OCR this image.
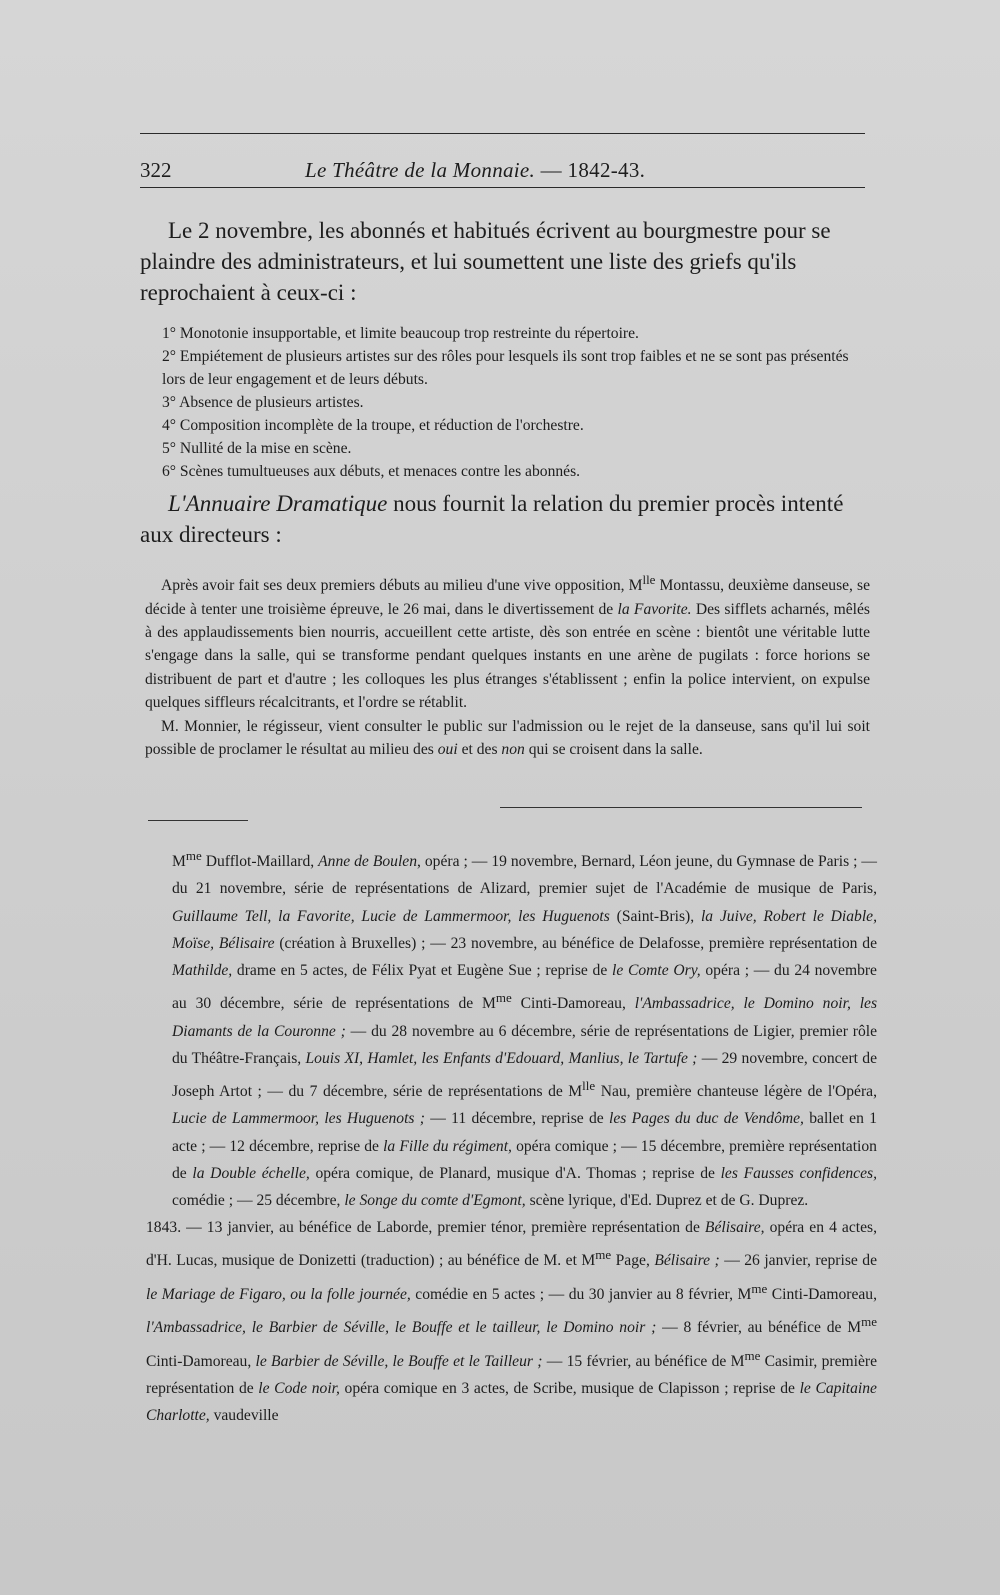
322	Le Théâtre de la Monnaie. — 1842-43.

Le 2 novembre, les abonnés et habitués écrivent au bourgmestre pour se plaindre des administrateurs, et lui soumettent une liste des griefs qu'ils reprochaient à ceux-ci :

1° Monotonie insupportable, et limite beaucoup trop restreinte du répertoire.
2° Empiétement de plusieurs artistes sur des rôles pour lesquels ils sont trop faibles et ne se sont pas présentés lors de leur engagement et de leurs débuts.
3° Absence de plusieurs artistes.
4° Composition incomplète de la troupe, et réduction de l'orchestre.
5° Nullité de la mise en scène.
6° Scènes tumultueuses aux débuts, et menaces contre les abonnés.

L'Annuaire Dramatique nous fournit la relation du premier procès intenté aux directeurs :

Après avoir fait ses deux premiers débuts au milieu d'une vive opposition, $M^{lle}$ Montassu, deuxième danseuse, se décide à tenter une troisième épreuve, le 26 mai, dans le divertissement de la Favorite. Des sifflets acharnés, mêlés à des applaudissements bien nourris, accueillent cette artiste, dès son entrée en scène : bientôt une véritable lutte s'engage dans la salle, qui se transforme pendant quelques instants en une arène de pugilats : force horions se distribuent de part et d'autre ; les colloques les plus étranges s'établissent ; enfin la police intervient, on expulse quelques siffleurs récalcitrants, et l'ordre se rétablit.

M. Monnier, le régisseur, vient consulter le public sur l'admission ou le rejet de la danseuse, sans qu'il lui soit possible de proclamer le résultat au milieu des oui et des non qui se croisent dans la salle.

$M^{me}$ Dufflot-Maillard, Anne de Boulen, opéra ; — 19 novembre, Bernard, Léon jeune, du Gymnase de Paris ; — du 21 novembre, série de représentations de Alizard, premier sujet de l'Académie de musique de Paris, Guillaume Tell, la Favorite, Lucie de Lammermoor, les Huguenots (Saint-Bris), la Juive, Robert le Diable, Moïse, Bélisaire (création à Bruxelles) ; — 23 novembre, au bénéfice de Delafosse, première représentation de Mathilde, drame en 5 actes, de Félix Pyat et Eugène Sue ; reprise de le Comte Ory, opéra ; — du 24 novembre au 30 décembre, série de représentations de $M^{me}$ Cinti-Damoreau, l'Ambassadrice, le Domino noir, les Diamants de la Couronne ; — du 28 novembre au 6 décembre, série de représentations de Ligier, premier rôle du Théâtre-Français, Louis XI, Hamlet, les Enfants d'Edouard, Manlius, le Tartufe ; — 29 novembre, concert de Joseph Artot ; — du 7 décembre, série de représentations de $M^{lle}$ Nau, première chanteuse légère de l'Opéra, Lucie de Lammermoor, les Huguenots ; — 11 décembre, reprise de les Pages du duc de Vendôme, ballet en 1 acte ; — 12 décembre, reprise de la Fille du régiment, opéra comique ; — 15 décembre, première représentation de la Double échelle, opéra comique, de Planard, musique d'A. Thomas ; reprise de les Fausses confidences, comédie ; — 25 décembre, le Songe du comte d'Egmont, scène lyrique, d'Ed. Duprez et de G. Duprez.

1843. — 13 janvier, au bénéfice de Laborde, premier ténor, première représentation de Bélisaire, opéra en 4 actes, d'H. Lucas, musique de Donizetti (traduction) ; au bénéfice de M. et $M^{me}$ Page, Bélisaire ; — 26 janvier, reprise de le Mariage de Figaro, ou la folle journée, comédie en 5 actes ; — du 30 janvier au 8 février, $M^{me}$ Cinti-Damoreau, l'Ambassadrice, le Barbier de Séville, le Bouffe et le tailleur, le Domino noir ; — 8 février, au bénéfice de $M^{me}$ Cinti-Damoreau, le Barbier de Séville, le Bouffe et le Tailleur ; — 15 février, au bénéfice de $M^{me}$ Casimir, première représentation de le Code noir, opéra comique en 3 actes, de Scribe, musique de Clapisson ; reprise de le Capitaine Charlotte, vaudeville
